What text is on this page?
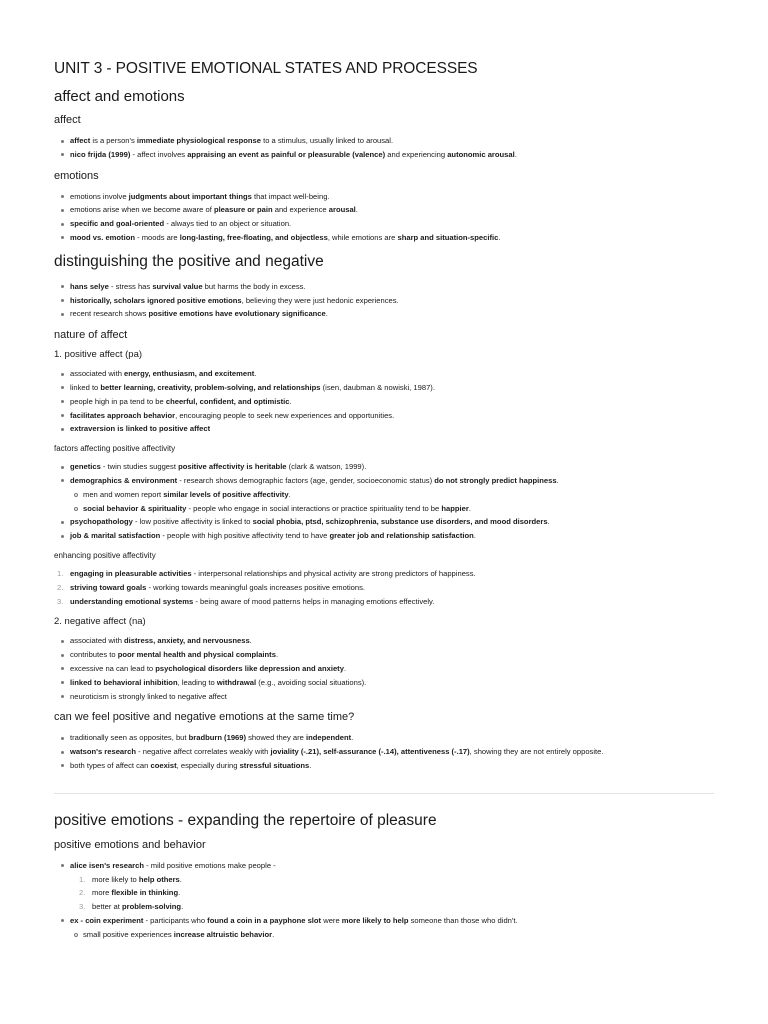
UNIT 3 - POSITIVE EMOTIONAL STATES AND PROCESSES
affect and emotions
affect
affect is a person's immediate physiological response to a stimulus, usually linked to arousal.
nico frijda (1999) - affect involves appraising an event as painful or pleasurable (valence) and experiencing autonomic arousal.
emotions
emotions involve judgments about important things that impact well-being.
emotions arise when we become aware of pleasure or pain and experience arousal.
specific and goal-oriented - always tied to an object or situation.
mood vs. emotion - moods are long-lasting, free-floating, and objectless, while emotions are sharp and situation-specific.
distinguishing the positive and negative
hans selye - stress has survival value but harms the body in excess.
historically, scholars ignored positive emotions, believing they were just hedonic experiences.
recent research shows positive emotions have evolutionary significance.
nature of affect
1. positive affect (pa)
associated with energy, enthusiasm, and excitement.
linked to better learning, creativity, problem-solving, and relationships (isen, daubman & nowiski, 1987).
people high in pa tend to be cheerful, confident, and optimistic.
facilitates approach behavior, encouraging people to seek new experiences and opportunities.
extraversion is linked to positive affect
factors affecting positive affectivity
genetics - twin studies suggest positive affectivity is heritable (clark & watson, 1999).
demographics & environment - research shows demographic factors (age, gender, socioeconomic status) do not strongly predict happiness.
men and women report similar levels of positive affectivity.
social behavior & spirituality - people who engage in social interactions or practice spirituality tend to be happier.
psychopathology - low positive affectivity is linked to social phobia, ptsd, schizophrenia, substance use disorders, and mood disorders.
job & marital satisfaction - people with high positive affectivity tend to have greater job and relationship satisfaction.
enhancing positive affectivity
engaging in pleasurable activities - interpersonal relationships and physical activity are strong predictors of happiness.
striving toward goals - working towards meaningful goals increases positive emotions.
understanding emotional systems - being aware of mood patterns helps in managing emotions effectively.
2. negative affect (na)
associated with distress, anxiety, and nervousness.
contributes to poor mental health and physical complaints.
excessive na can lead to psychological disorders like depression and anxiety.
linked to behavioral inhibition, leading to withdrawal (e.g., avoiding social situations).
neuroticism is strongly linked to negative affect
can we feel positive and negative emotions at the same time?
traditionally seen as opposites, but bradburn (1969) showed they are independent.
watson's research - negative affect correlates weakly with joviality (-.21), self-assurance (-.14), attentiveness (-.17), showing they are not entirely opposite.
both types of affect can coexist, especially during stressful situations.
positive emotions - expanding the repertoire of pleasure
positive emotions and behavior
alice isen's research - mild positive emotions make people -
more likely to help others.
more flexible in thinking.
better at problem-solving.
ex - coin experiment - participants who found a coin in a payphone slot were more likely to help someone than those who didn't.
small positive experiences increase altruistic behavior.
